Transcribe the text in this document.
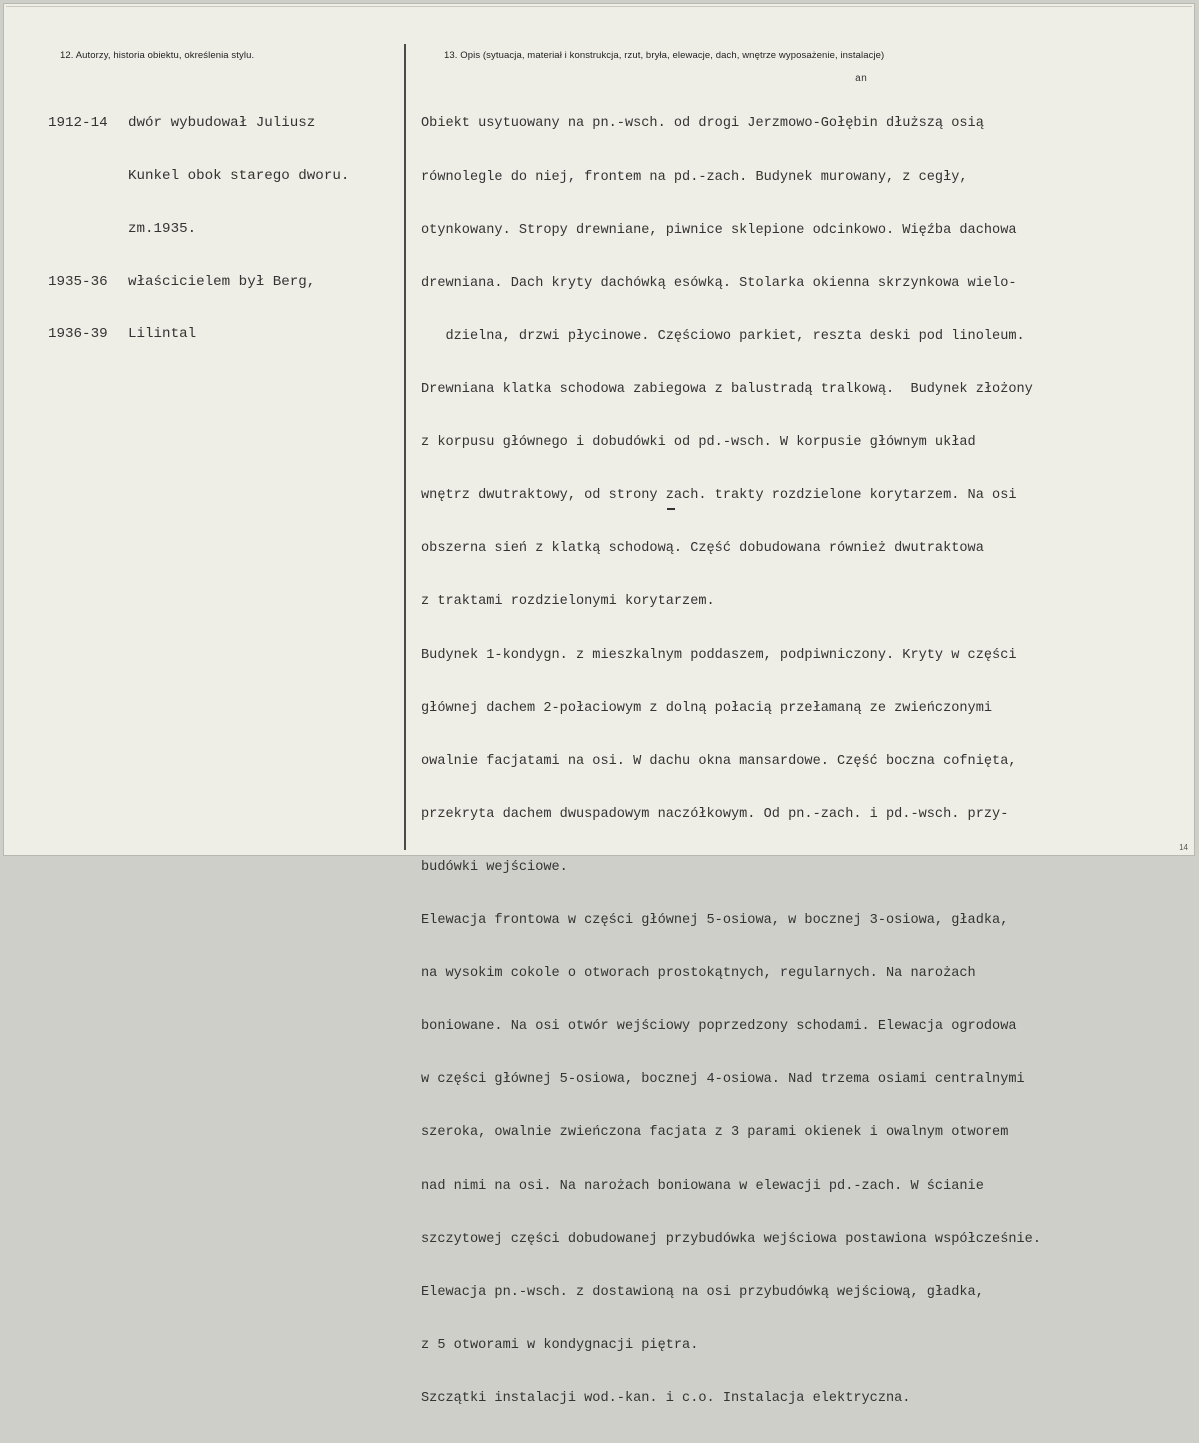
12. Autorzy, historia obiektu, określenia stylu.	13. Opis (sytuacja, materiał i konstrukcja, rzut, bryła, elewacje, dach, wnętrze wyposażenie, instalacje)

1912-14	dwór wybudował Juliusz

Kunkel obok starego dworu.

zm.1935.

1935-36	właścicielem był Berg,

1936-39	Lilintal

an

Obiekt usytuowany na pn.-wsch. od drogi Jerzmowo-Gołębin dłuższą osią

równolegle do niej, frontem na pd.-zach. Budynek murowany, z cegły,

otynkowany. Stropy drewniane, piwnice sklepione odcinkowo. Więźba dachowa

drewniana. Dach kryty dachówką esówką. Stolarka okienna skrzynkowa wielo-

dzielna, drzwi płycinowe. Częściowo parkiet, reszta deski pod linoleum.

Drewniana klatka schodowa zabiegowa z balustradą tralkową.  Budynek złożony

z korpusu głównego i dobudówki od pd.-wsch. W korpusie głównym układ

wnętrz dwutraktowy, od strony zach. trakty rozdzielone korytarzem. Na osi

obszerna sień z klatką schodową. Część dobudowana również dwutraktowa

z traktami rozdzielonymi korytarzem.

Budynek 1-kondygn. z mieszkalnym poddaszem, podpiwniczony. Kryty w części

głównej dachem 2-połaciowym z dolną połacią przełamaną ze zwieńczonymi

owalnie facjatami na osi. W dachu okna mansardowe. Część boczna cofnięta,

przekryta dachem dwuspadowym naczółkowym. Od pn.-zach. i pd.-wsch. przy-

budówki wejściowe.

Elewacja frontowa w części głównej 5-osiowa, w bocznej 3-osiowa, gładka,

na wysokim cokole o otworach prostokątnych, regularnych. Na narożach

boniowane. Na osi otwór wejściowy poprzedzony schodami. Elewacja ogrodowa

w części głównej 5-osiowa, bocznej 4-osiowa. Nad trzema osiami centralnymi

szeroka, owalnie zwieńczona facjata z 3 parami okienek i owalnym otworem

nad nimi na osi. Na narożach boniowana w elewacji pd.-zach. W ścianie

szczytowej części dobudowanej przybudówka wejściowa postawiona współcześnie.

Elewacja pn.-wsch. z dostawioną na osi przybudówką wejściową, gładka,

z 5 otworami w kondygnacji piętra.

Szczątki instalacji wod.-kan. i c.o. Instalacja elektryczna.

14
